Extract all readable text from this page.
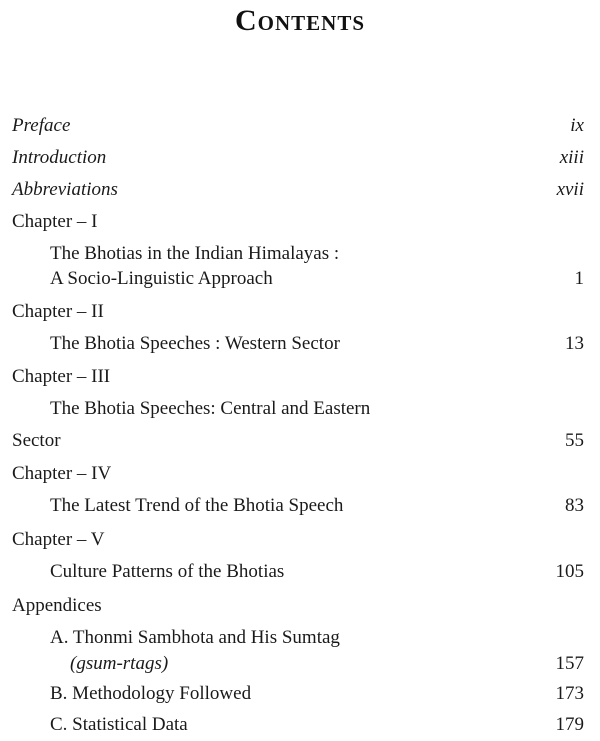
Contents
Preface	ix
Introduction	xiii
Abbreviations	xvii
Chapter – I
The Bhotias in the Indian Himalayas :
A Socio-Linguistic Approach	1
Chapter – II
The Bhotia Speeches : Western Sector	13
Chapter – III
The Bhotia Speeches: Central and Eastern
Sector	55
Chapter – IV
The Latest Trend of the Bhotia Speech	83
Chapter – V
Culture Patterns of the Bhotias	105
Appendices
A. Thonmi Sambhota and His Sumtag
(gsum-rtags)	157
B. Methodology Followed	173
C. Statistical Data	179
